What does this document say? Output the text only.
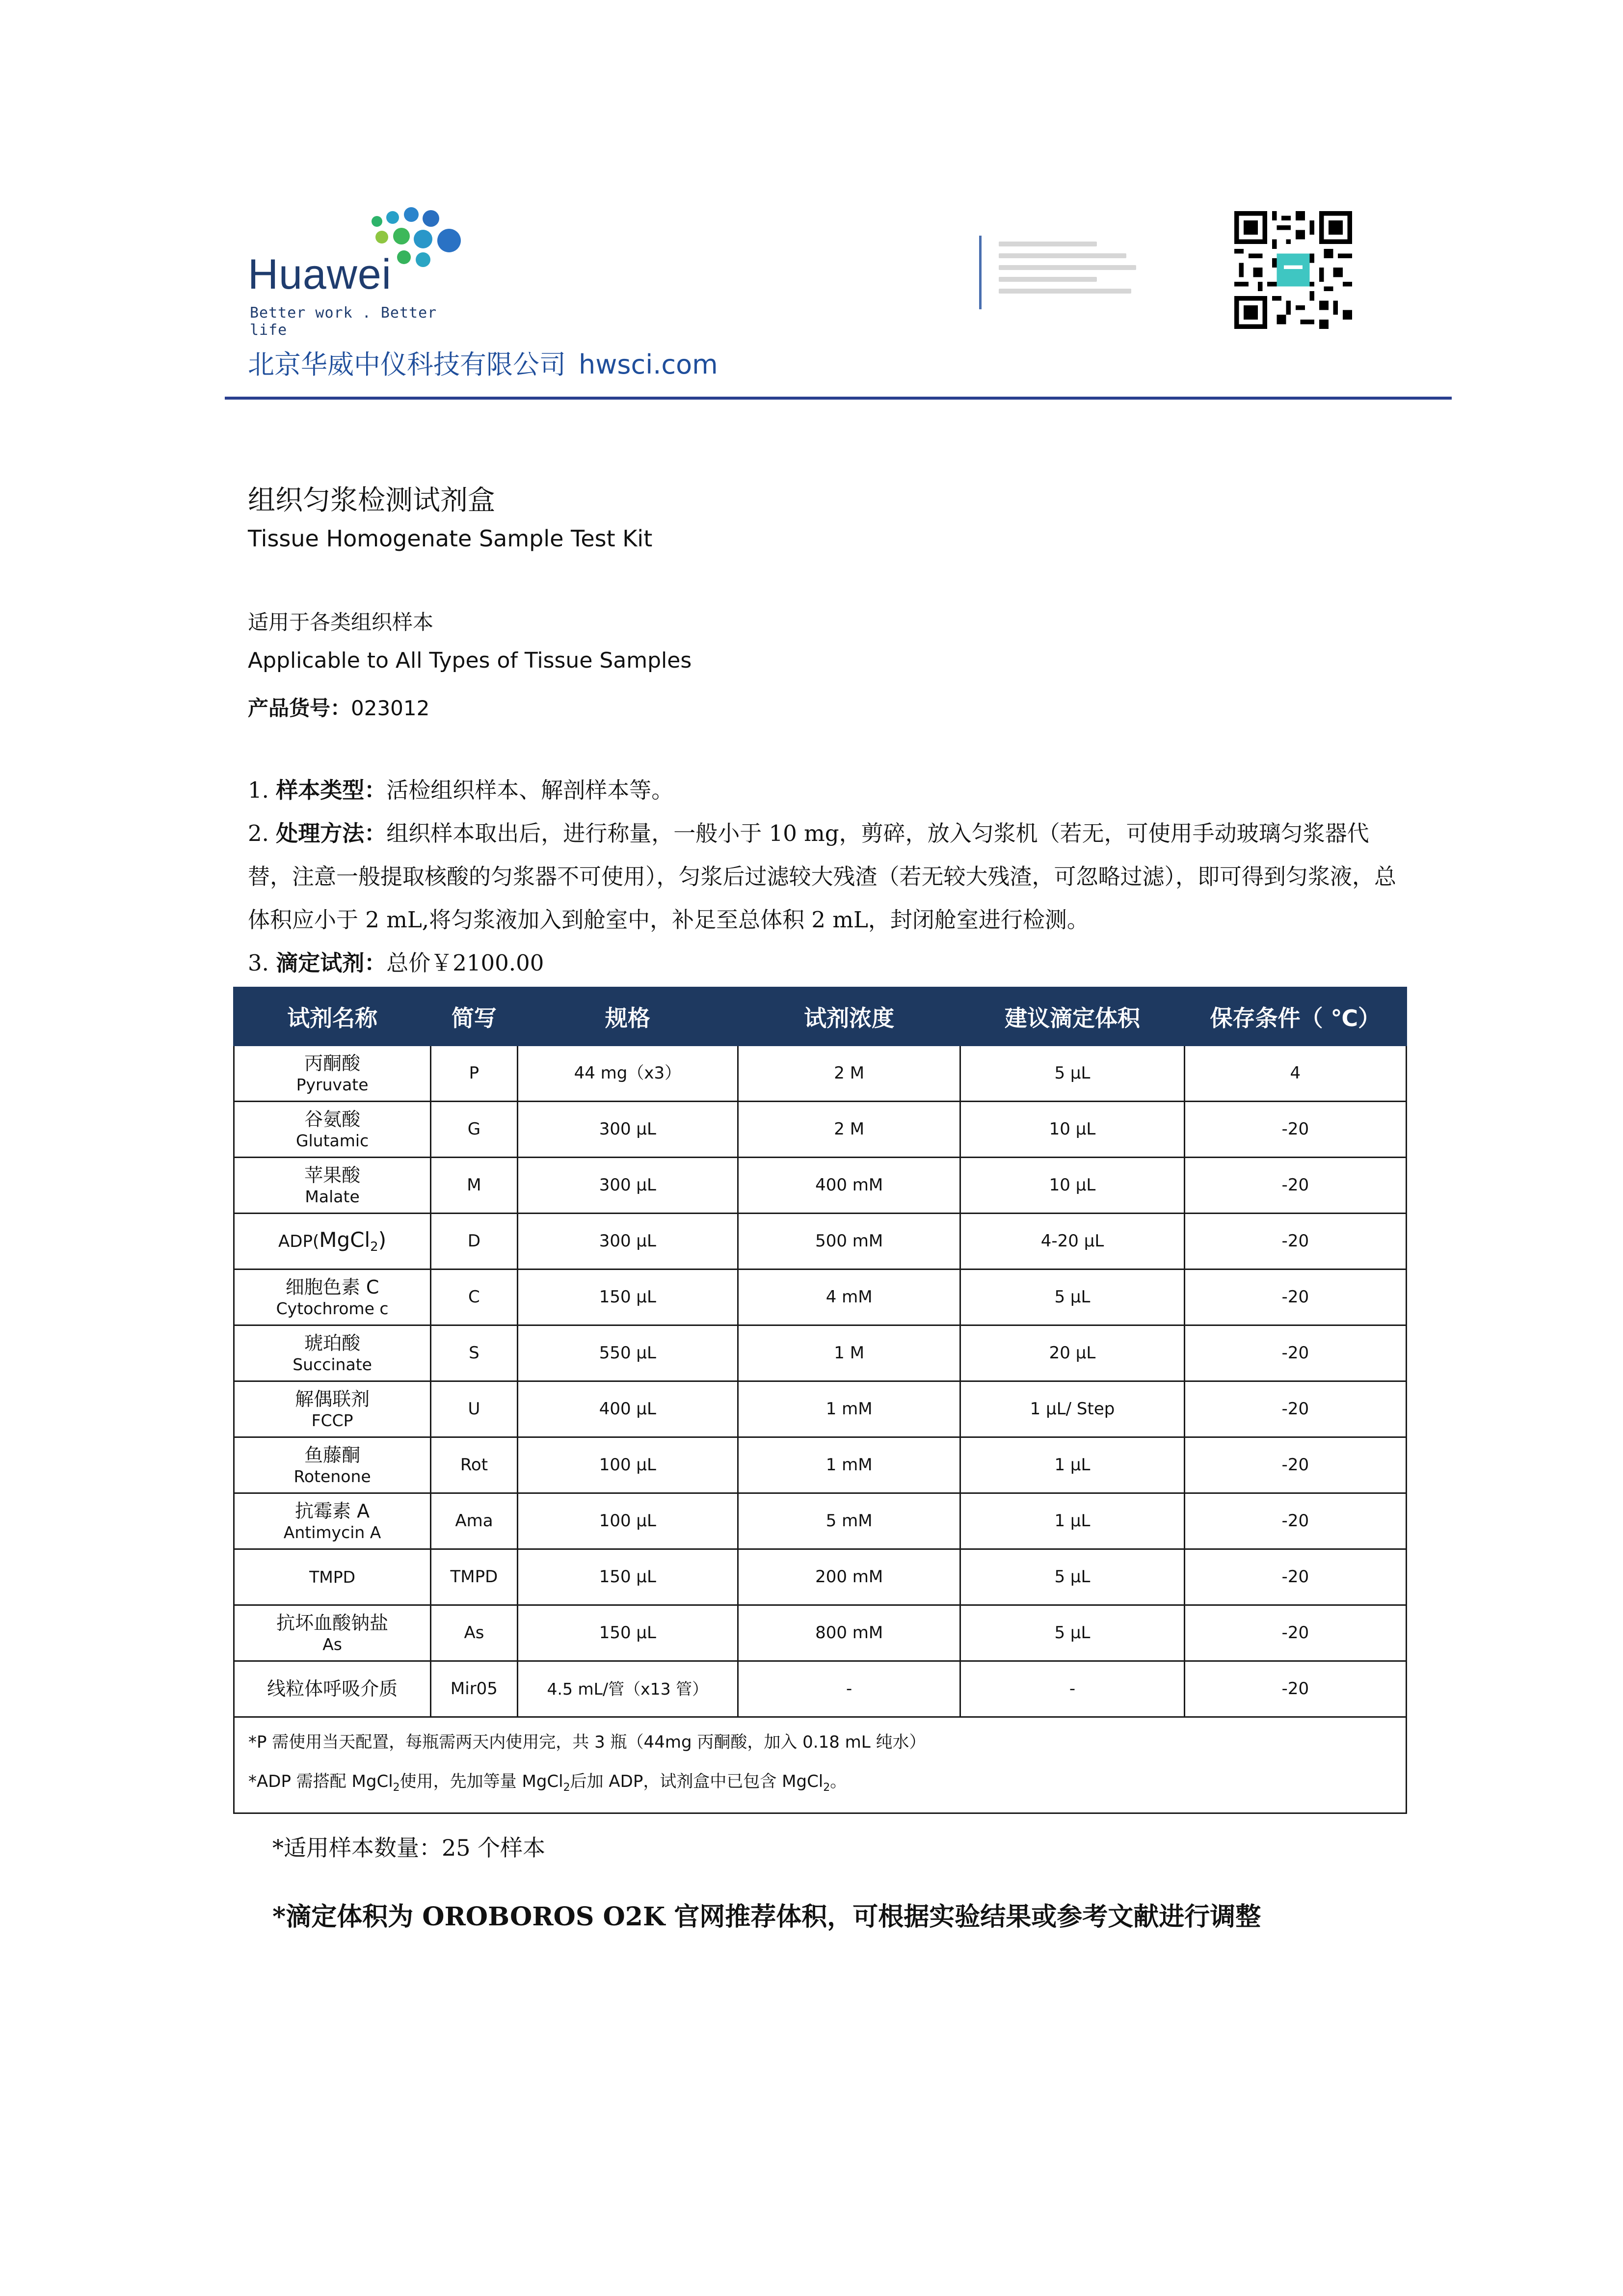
Huawei
Better work . Better life
北京华威中仪科技有限公司 hwsci.com
组织匀浆检测试剂盒
Tissue Homogenate Sample Test Kit
适用于各类组织样本
Applicable to All Types of Tissue Samples
产品货号：023012
1. 样本类型：活检组织样本、解剖样本等。
2. 处理方法：组织样本取出后，进行称量，一般小于 10 mg，剪碎，放入匀浆机（若无，可使用手动玻璃匀浆器代替，注意一般提取核酸的匀浆器不可使用），匀浆后过滤较大残渣（若无较大残渣，可忽略过滤），即可得到匀浆液，总体积应小于 2 mL,将匀浆液加入到舱室中，补足至总体积 2 mL，封闭舱室进行检测。
3. 滴定试剂：总价￥2100.00
试剂名称	简写	规格	试剂浓度	建议滴定体积	保存条件（ ℃）

丙酮酸
Pyruvate	P	44 mg（x3）	2 M	5 μL	4

谷氨酸
Glutamic	G	300 μL	2 M	10 μL	-20

苹果酸
Malate	M	300 μL	400 mM	10 μL	-20
ADP(MgCl$_2$)	D	300 μL	500 mM	4-20 μL	-20

细胞色素 C
Cytochrome c	C	150 μL	4 mM	5 μL	-20

琥珀酸
Succinate	S	550 μL	1 M	20 μL	-20

解偶联剂
FCCP	U	400 μL	1 mM	1 μL/ Step	-20

鱼藤酮
Rotenone	Rot	100 μL	1 mM	1 μL	-20

抗霉素 A
Antimycin A	Ama	100 μL	5 mM	1 μL	-20

TMPD	TMPD	150 μL	200 mM	5 μL	-20

抗坏血酸钠盐
As	As	150 μL	800 mM	5 μL	-20

线粒体呼吸介质	Mir05	4.5 mL/管（x13 管）	-	-	-20

*P 需使用当天配置，每瓶需两天内使用完，共 3 瓶（44mg 丙酮酸，加入 0.18 mL 纯水）
*ADP 需搭配 MgCl$_2$使用，先加等量 MgCl$_2$后加 ADP，试剂盒中已包含 MgCl$_2$。					
*适用样本数量：25 个样本
*滴定体积为 OROBOROS O2K 官网推荐体积，可根据实验结果或参考文献进行调整
